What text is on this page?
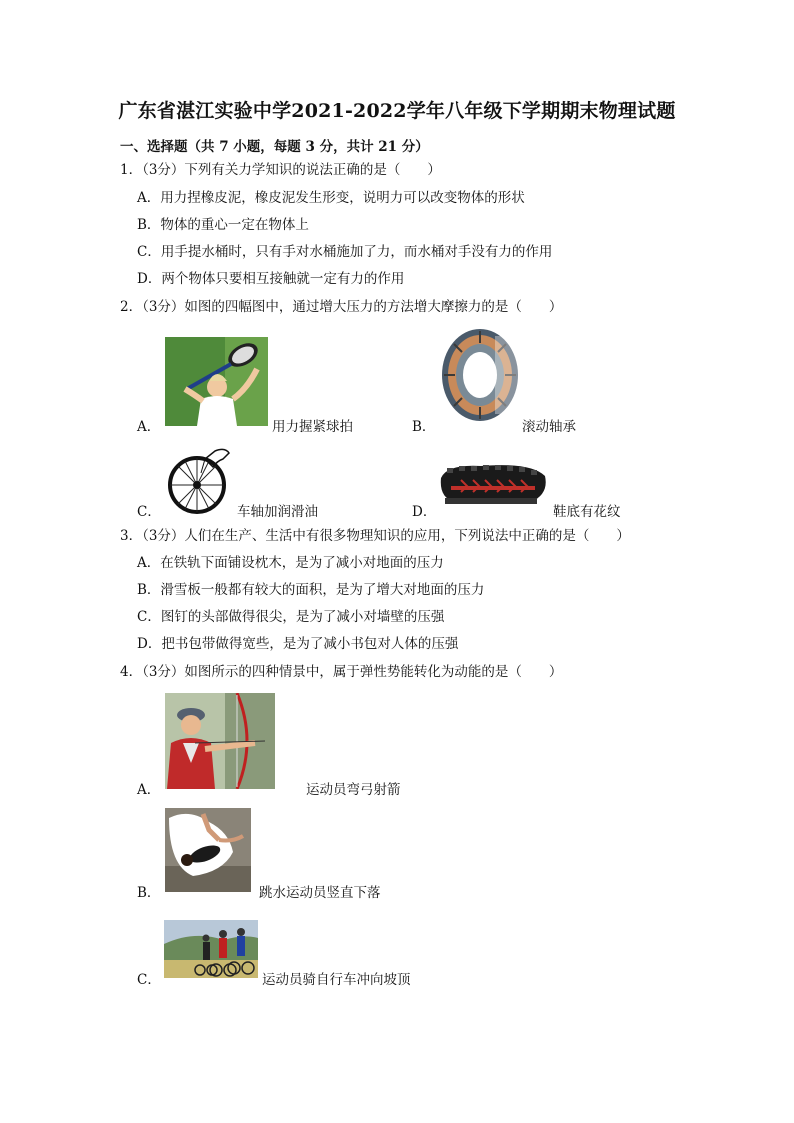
广东省湛江实验中学2021-2022学年八年级下学期期末物理试题
一、选择题（共 7 小题，每题 3 分，共计 21 分）
1．（3分）下列有关力学知识的说法正确的是（　　）
A．用力捏橡皮泥，橡皮泥发生形变，说明力可以改变物体的形状
B．物体的重心一定在物体上
C．用手提水桶时，只有手对水桶施加了力，而水桶对手没有力的作用
D．两个物体只要相互接触就一定有力的作用
2．（3分）如图的四幅图中，通过增大压力的方法增大摩擦力的是（　　）
A．	用力握紧球拍	B．	滚动轴承
C．	车轴加润滑油	D．	鞋底有花纹
3．（3分）人们在生产、生活中有很多物理知识的应用，下列说法中正确的是（　　）
A．在铁轨下面铺设枕木，是为了减小对地面的压力
B．滑雪板一般都有较大的面积，是为了增大对地面的压力
C．图钉的头部做得很尖，是为了减小对墙壁的压强
D．把书包带做得宽些，是为了减小书包对人体的压强
4．（3分）如图所示的四种情景中，属于弹性势能转化为动能的是（　　）
A．	运动员弯弓射箭
B．	跳水运动员竖直下落
C．	运动员骑自行车冲向坡顶
